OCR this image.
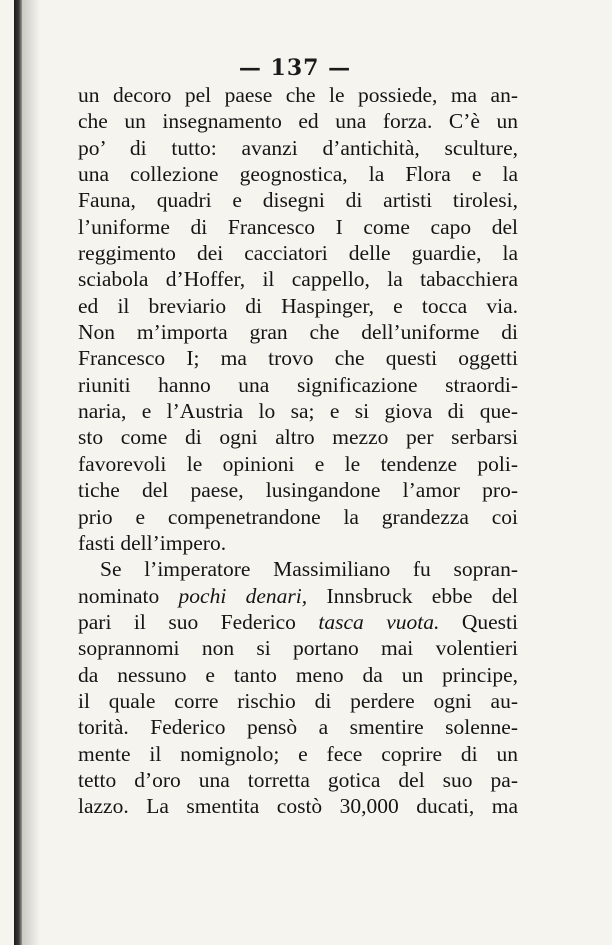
— 137 —
un decoro pel paese che le possiede, ma an-
che un insegnamento ed una forza. C’è un
po’ di tutto: avanzi d’antichità, sculture,
una collezione geognostica, la Flora e la
Fauna, quadri e disegni di artisti tirolesi,
l’uniforme di Francesco I come capo del
reggimento dei cacciatori delle guardie, la
sciabola d’Hoffer, il cappello, la tabacchiera
ed il breviario di Haspinger, e tocca via.
Non m’importa gran che dell’uniforme di
Francesco I; ma trovo che questi oggetti
riuniti hanno una significazione straordi-
naria, e l’Austria lo sa; e si giova di que-
sto come di ogni altro mezzo per serbarsi
favorevoli le opinioni e le tendenze poli-
tiche del paese, lusingandone l’amor pro-
prio e compenetrandone la grandezza coi
fasti dell’impero.
Se l’imperatore Massimiliano fu sopran-
nominato pochi denari, Innsbruck ebbe del
pari il suo Federico tasca vuota. Questi
soprannomi non si portano mai volentieri
da nessuno e tanto meno da un principe,
il quale corre rischio di perdere ogni au-
torità. Federico pensò a smentire solenne-
mente il nomignolo; e fece coprire di un
tetto d’oro una torretta gotica del suo pa-
lazzo. La smentita costò 30,000 ducati, ma
